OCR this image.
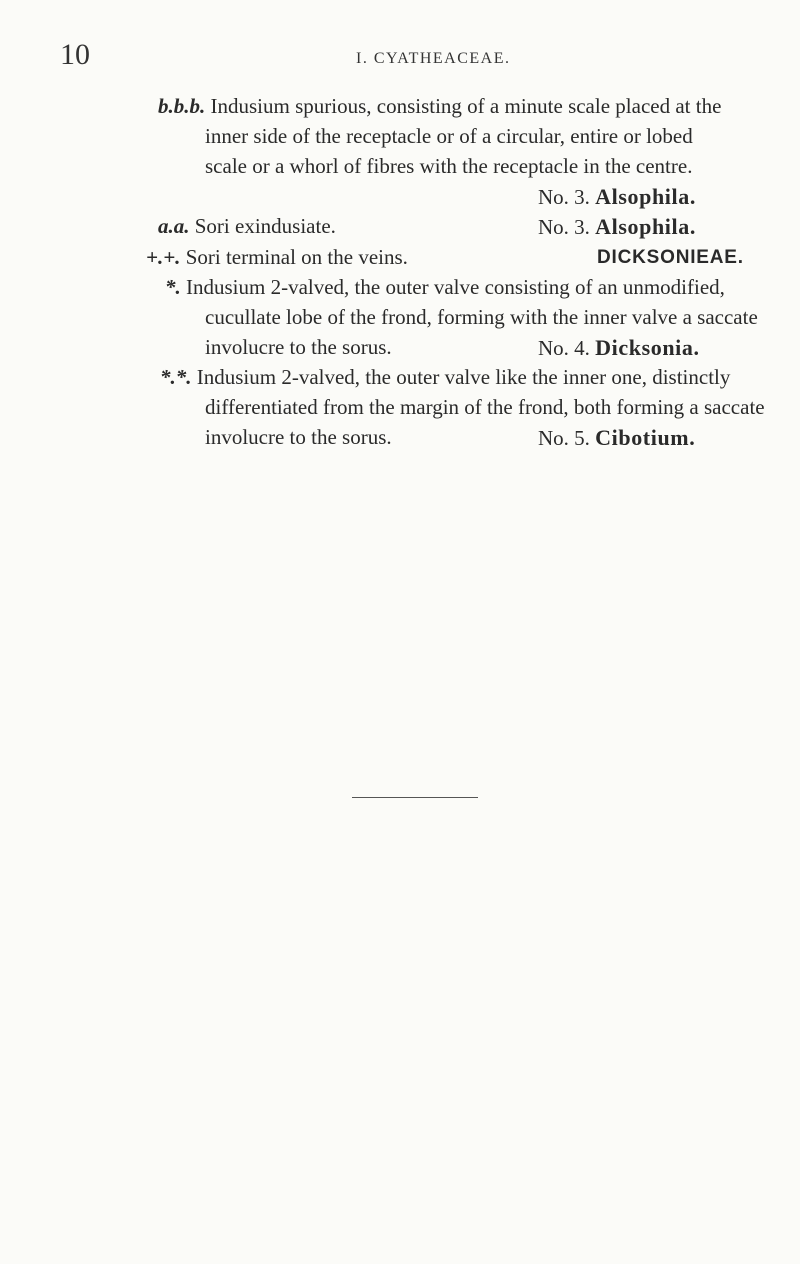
10	I. CYATHEACEAE.
b.b.b. Indusium spurious, consisting of a minute scale placed at the
inner side of the receptacle or of a circular, entire or lobed
scale or a whorl of fibres with the receptacle in the centre.
No. 3. Alsophila.
a.a. Sori exindusiate.	No. 3. Alsophila.
+.+. Sori terminal on the veins.	DICKSONIEAE.
*. Indusium 2-valved, the outer valve consisting of an unmodified,
cucullate lobe of the frond, forming with the inner valve a saccate
involucre to the sorus.	No. 4. Dicksonia.
*.*. Indusium 2-valved, the outer valve like the inner one, distinctly
differentiated from the margin of the frond, both forming a saccate
involucre to the sorus.	No. 5. Cibotium.
